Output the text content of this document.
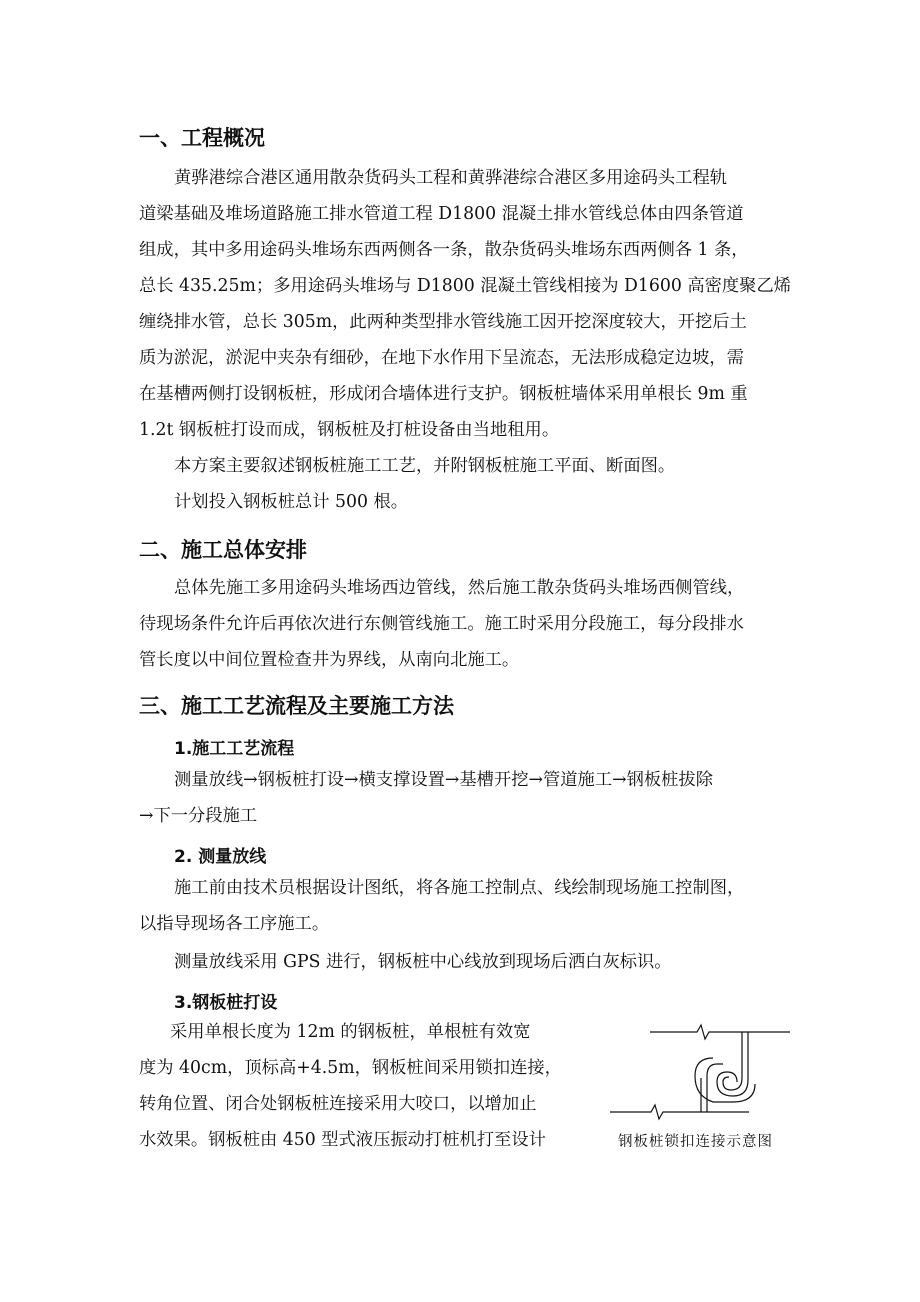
一、工程概况
黄骅港综合港区通用散杂货码头工程和黄骅港综合港区多用途码头工程轨
道梁基础及堆场道路施工排水管道工程 D1800 混凝土排水管线总体由四条管道
组成，其中多用途码头堆场东西两侧各一条，散杂货码头堆场东西两侧各 1 条，
总长 435.25m；多用途码头堆场与 D1800 混凝土管线相接为 D1600 高密度聚乙烯
缠绕排水管，总长 305m，此两种类型排水管线施工因开挖深度较大，开挖后土
质为淤泥，淤泥中夹杂有细砂，在地下水作用下呈流态，无法形成稳定边坡，需
在基槽两侧打设钢板桩，形成闭合墙体进行支护。钢板桩墙体采用单根长 9m 重
1.2t 钢板桩打设而成，钢板桩及打桩设备由当地租用。
本方案主要叙述钢板桩施工工艺，并附钢板桩施工平面、断面图。
计划投入钢板桩总计 500 根。
二、施工总体安排
总体先施工多用途码头堆场西边管线，然后施工散杂货码头堆场西侧管线，
待现场条件允许后再依次进行东侧管线施工。施工时采用分段施工，每分段排水
管长度以中间位置检查井为界线，从南向北施工。
三、施工工艺流程及主要施工方法
1.施工工艺流程
测量放线→钢板桩打设→横支撑设置→基槽开挖→管道施工→钢板桩拔除
→下一分段施工
2. 测量放线
施工前由技术员根据设计图纸，将各施工控制点、线绘制现场施工控制图，
以指导现场各工序施工。
测量放线采用 GPS 进行，钢板桩中心线放到现场后洒白灰标识。
3.钢板桩打设
采用单根长度为 12m 的钢板桩，单根桩有效宽
度为 40cm，顶标高+4.5m，钢板桩间采用锁扣连接，
转角位置、闭合处钢板桩连接采用大咬口，以增加止
水效果。钢板桩由 450 型式液压振动打桩机打至设计	钢板桩锁扣连接示意图
